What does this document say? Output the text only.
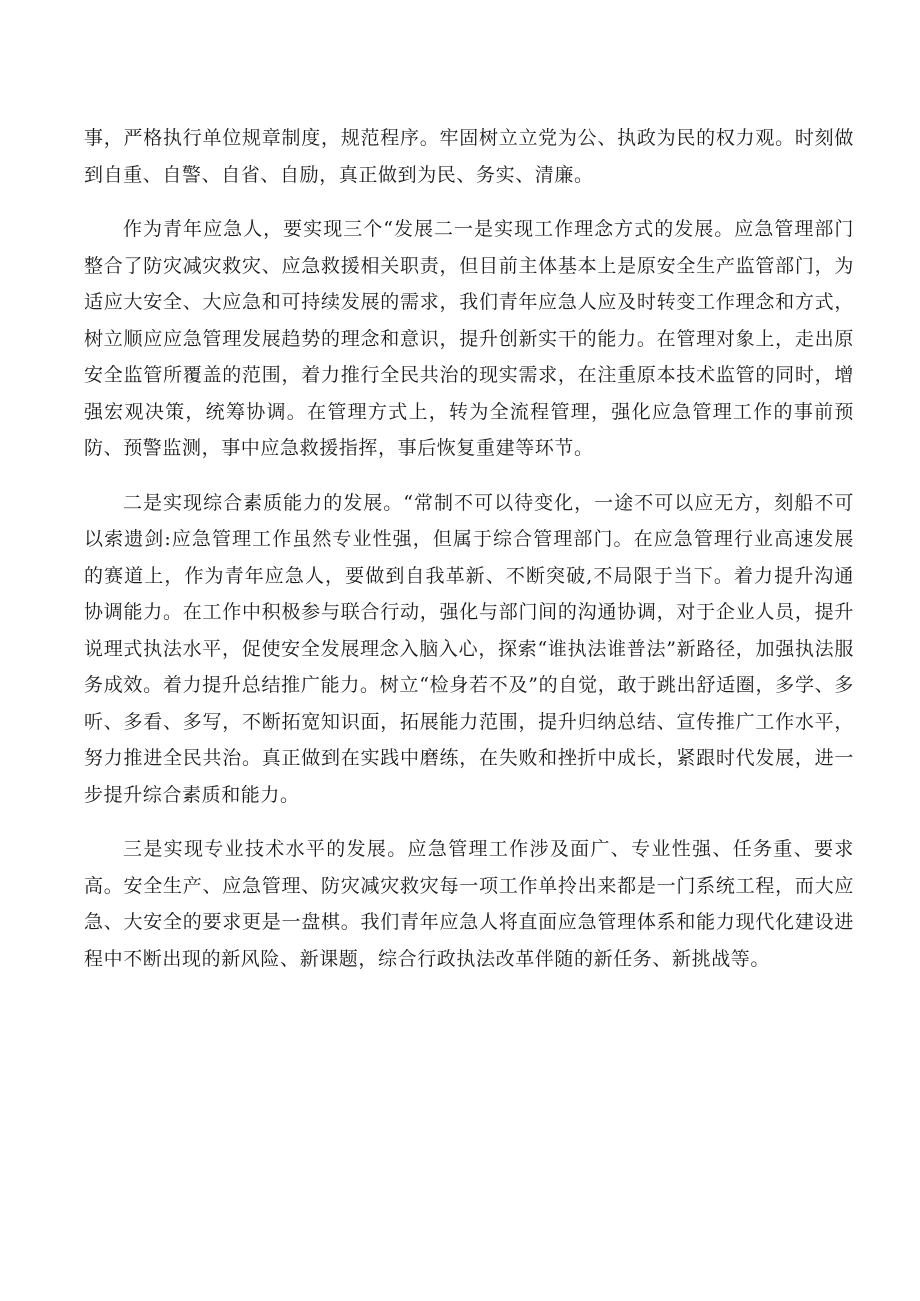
事，严格执行单位规章制度，规范程序。牢固树立立党为公、执政为民的权力观。时刻做到自重、自警、自省、自励，真正做到为民、务实、清廉。

作为青年应急人，要实现三个“发展二一是实现工作理念方式的发展。应急管理部门整合了防灾减灾救灾、应急救援相关职责，但目前主体基本上是原安全生产监管部门，为适应大安全、大应急和可持续发展的需求，我们青年应急人应及时转变工作理念和方式，树立顺应应急管理发展趋势的理念和意识，提升创新实干的能力。在管理对象上，走出原安全监管所覆盖的范围，着力推行全民共治的现实需求，在注重原本技术监管的同时，增强宏观决策，统筹协调。在管理方式上，转为全流程管理，强化应急管理工作的事前预防、预警监测，事中应急救援指挥，事后恢复重建等环节。

二是实现综合素质能力的发展。“常制不可以待变化，一途不可以应无方，刻船不可以索遗剑:应急管理工作虽然专业性强，但属于综合管理部门。在应急管理行业高速发展的赛道上，作为青年应急人，要做到自我革新、不断突破,不局限于当下。着力提升沟通协调能力。在工作中积极参与联合行动，强化与部门间的沟通协调，对于企业人员，提升说理式执法水平，促使安全发展理念入脑入心，探索“谁执法谁普法”新路径，加强执法服务成效。着力提升总结推广能力。树立“检身若不及”的自觉，敢于跳出舒适圈，多学、多听、多看、多写，不断拓宽知识面，拓展能力范围，提升归纳总结、宣传推广工作水平，努力推进全民共治。真正做到在实践中磨练，在失败和挫折中成长，紧跟时代发展，进一步提升综合素质和能力。

三是实现专业技术水平的发展。应急管理工作涉及面广、专业性强、任务重、要求高。安全生产、应急管理、防灾减灾救灾每一项工作单拎出来都是一门系统工程，而大应急、大安全的要求更是一盘棋。我们青年应急人将直面应急管理体系和能力现代化建设进程中不断出现的新风险、新课题，综合行政执法改革伴随的新任务、新挑战等。
